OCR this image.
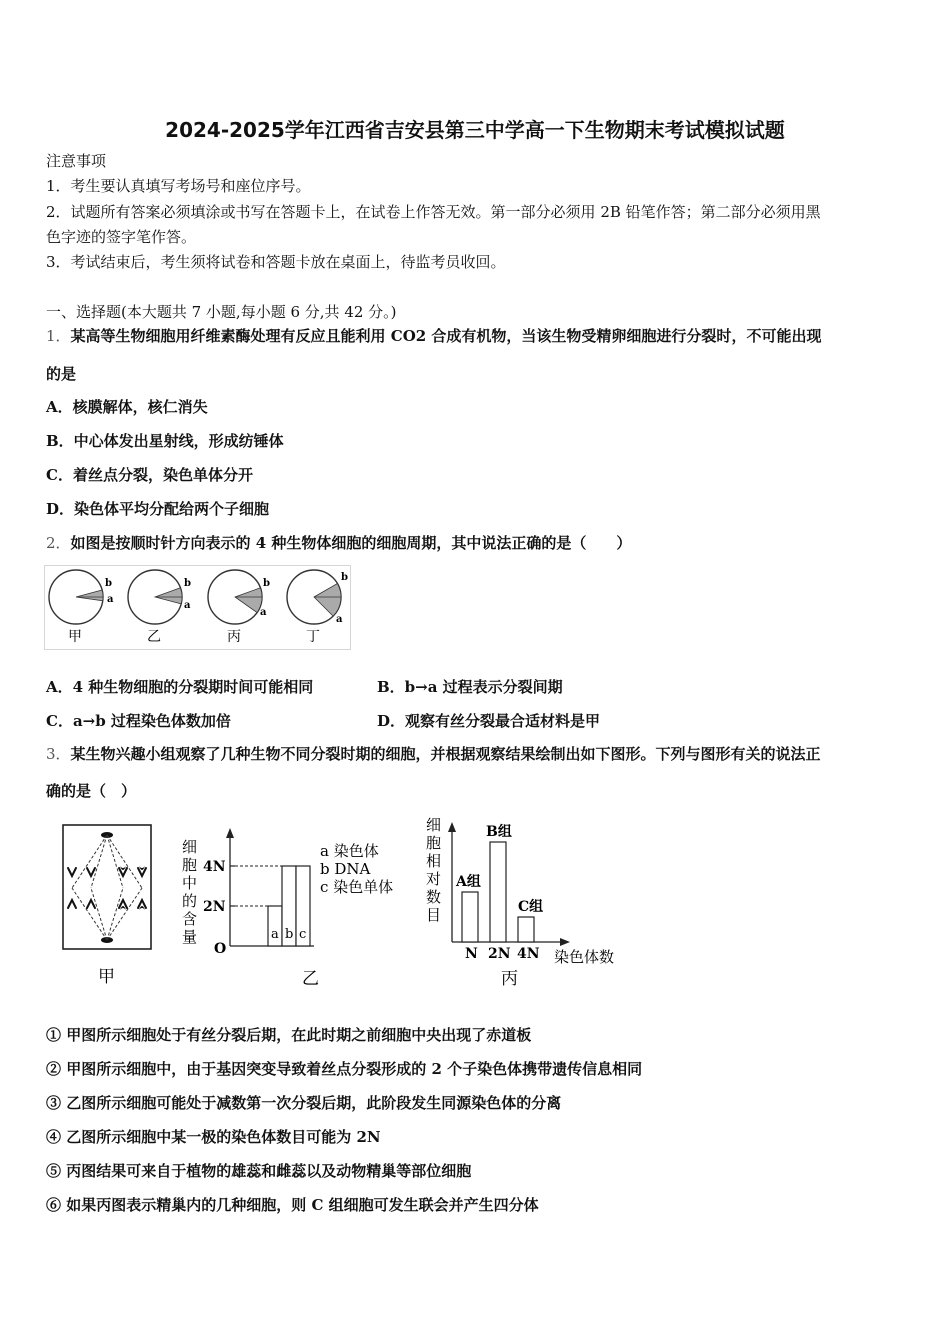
2024-2025学年江西省吉安县第三中学高一下生物期末考试模拟试题
注意事项
1．考生要认真填写考场号和座位序号。
2．试题所有答案必须填涂或书写在答题卡上，在试卷上作答无效。第一部分必须用 2B 铅笔作答；第二部分必须用黑
色字迹的签字笔作答。
3．考试结束后，考生须将试卷和答题卡放在桌面上，待监考员收回。
一、选择题(本大题共 7 小题,每小题 6 分,共 42 分。)
1．某高等生物细胞用纤维素酶处理有反应且能利用 CO2 合成有机物，当该生物受精卵细胞进行分裂时，不可能出现
的是
A．核膜解体，核仁消失
B．中心体发出星射线，形成纺锤体
C．着丝点分裂，染色单体分开
D．染色体平均分配给两个子细胞
2．如图是按顺时针方向表示的 4 种生物体细胞的细胞周期，其中说法正确的是（　　）
b
a
甲
b
a
乙
b
a
丙
b
a
丁
A．4 种生物细胞的分裂期时间可能相同	B．b→a 过程表示分裂间期
C．a→b 过程染色体数加倍	D．观察有丝分裂最合适材料是甲
3．某生物兴趣小组观察了几种生物不同分裂时期的细胞，并根据观察结果绘制出如下图形。下列与图形有关的说法正
确的是（　）
甲
细
胞
中
的
含
量
4N
2N
O
a b c
a 染色体
b DNA
c 染色单体
乙
细
胞
相
对
数
目
A组
B组
C组
N 2N 4N 染色体数
丙
① 甲图所示细胞处于有丝分裂后期，在此时期之前细胞中央出现了赤道板
② 甲图所示细胞中，由于基因突变导致着丝点分裂形成的 2 个子染色体携带遗传信息相同
③ 乙图所示细胞可能处于减数第一次分裂后期，此阶段发生同源染色体的分离
④ 乙图所示细胞中某一极的染色体数目可能为 2N
⑤ 丙图结果可来自于植物的雄蕊和雌蕊以及动物精巢等部位细胞
⑥ 如果丙图表示精巢内的几种细胞，则 C 组细胞可发生联会并产生四分体
